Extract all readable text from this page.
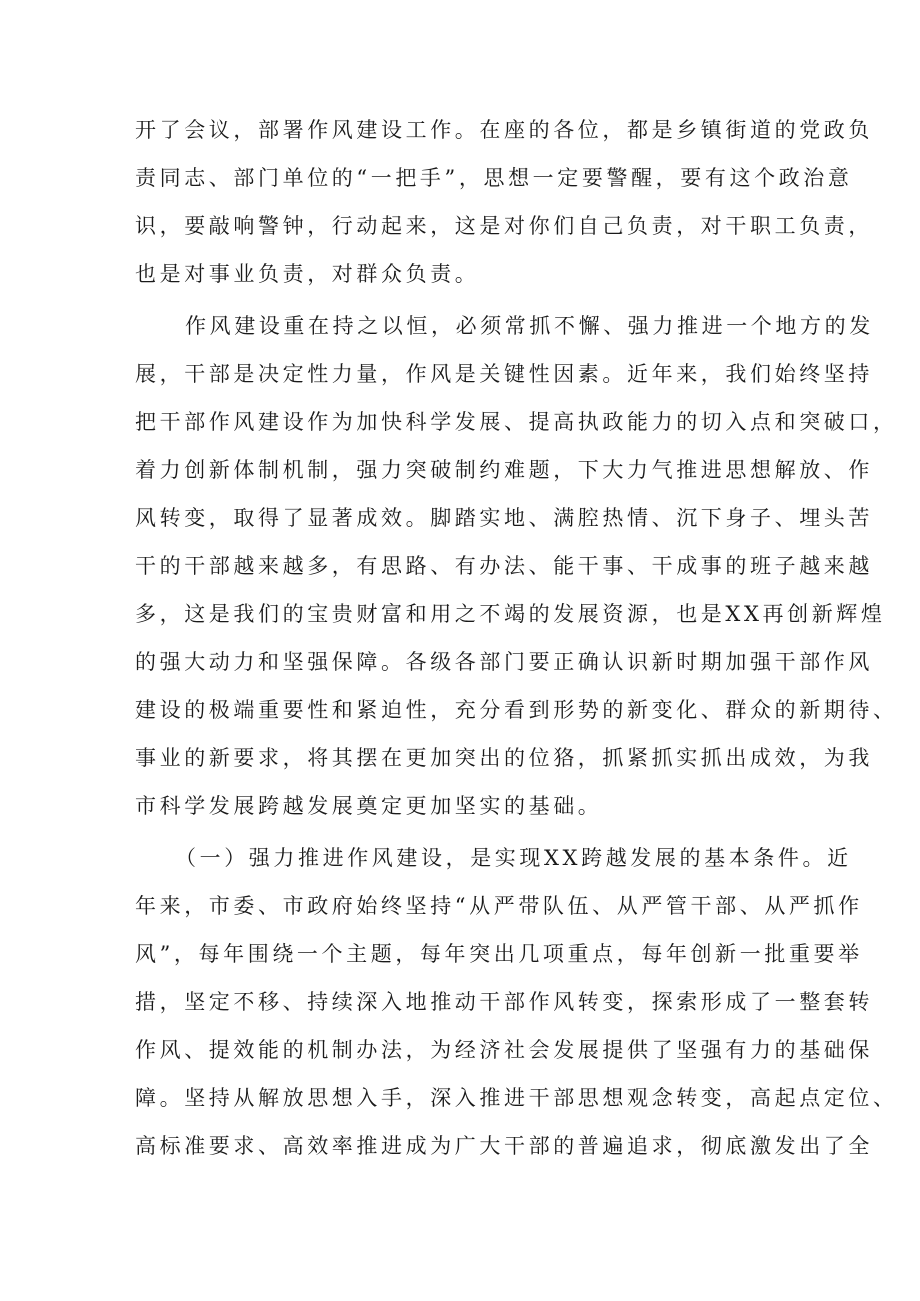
开了会议，部署作风建设工作。在座的各位，都是乡镇街道的党政负
责同志、部门单位的“一把手”，思想一定要警醒，要有这个政治意
识，要敲响警钟，行动起来，这是对你们自己负责，对干职工负责，
也是对事业负责，对群众负责。
作风建设重在持之以恒，必须常抓不懈、强力推进一个地方的发
展，干部是决定性力量，作风是关键性因素。近年来，我们始终坚持
把干部作风建设作为加快科学发展、提高执政能力的切入点和突破口，
着力创新体制机制，强力突破制约难题，下大力气推进思想解放、作
风转变，取得了显著成效。脚踏实地、满腔热情、沉下身子、埋头苦
干的干部越来越多，有思路、有办法、能干事、干成事的班子越来越
多，这是我们的宝贵财富和用之不竭的发展资源，也是XX再创新辉煌
的强大动力和坚强保障。各级各部门要正确认识新时期加强干部作风
建设的极端重要性和紧迫性，充分看到形势的新变化、群众的新期待、
事业的新要求，将其摆在更加突出的位狢，抓紧抓实抓出成效，为我
市科学发展跨越发展奠定更加坚实的基础。
（一）强力推进作风建设，是实现XX跨越发展的基本条件。近
年来，市委、市政府始终坚持“从严带队伍、从严管干部、从严抓作
风”，每年围绕一个主题，每年突出几项重点，每年创新一批重要举
措，坚定不移、持续深入地推动干部作风转变，探索形成了一整套转
作风、提效能的机制办法，为经济社会发展提供了坚强有力的基础保
障。坚持从解放思想入手，深入推进干部思想观念转变，高起点定位、
高标准要求、高效率推进成为广大干部的普遍追求，彻底激发出了全
